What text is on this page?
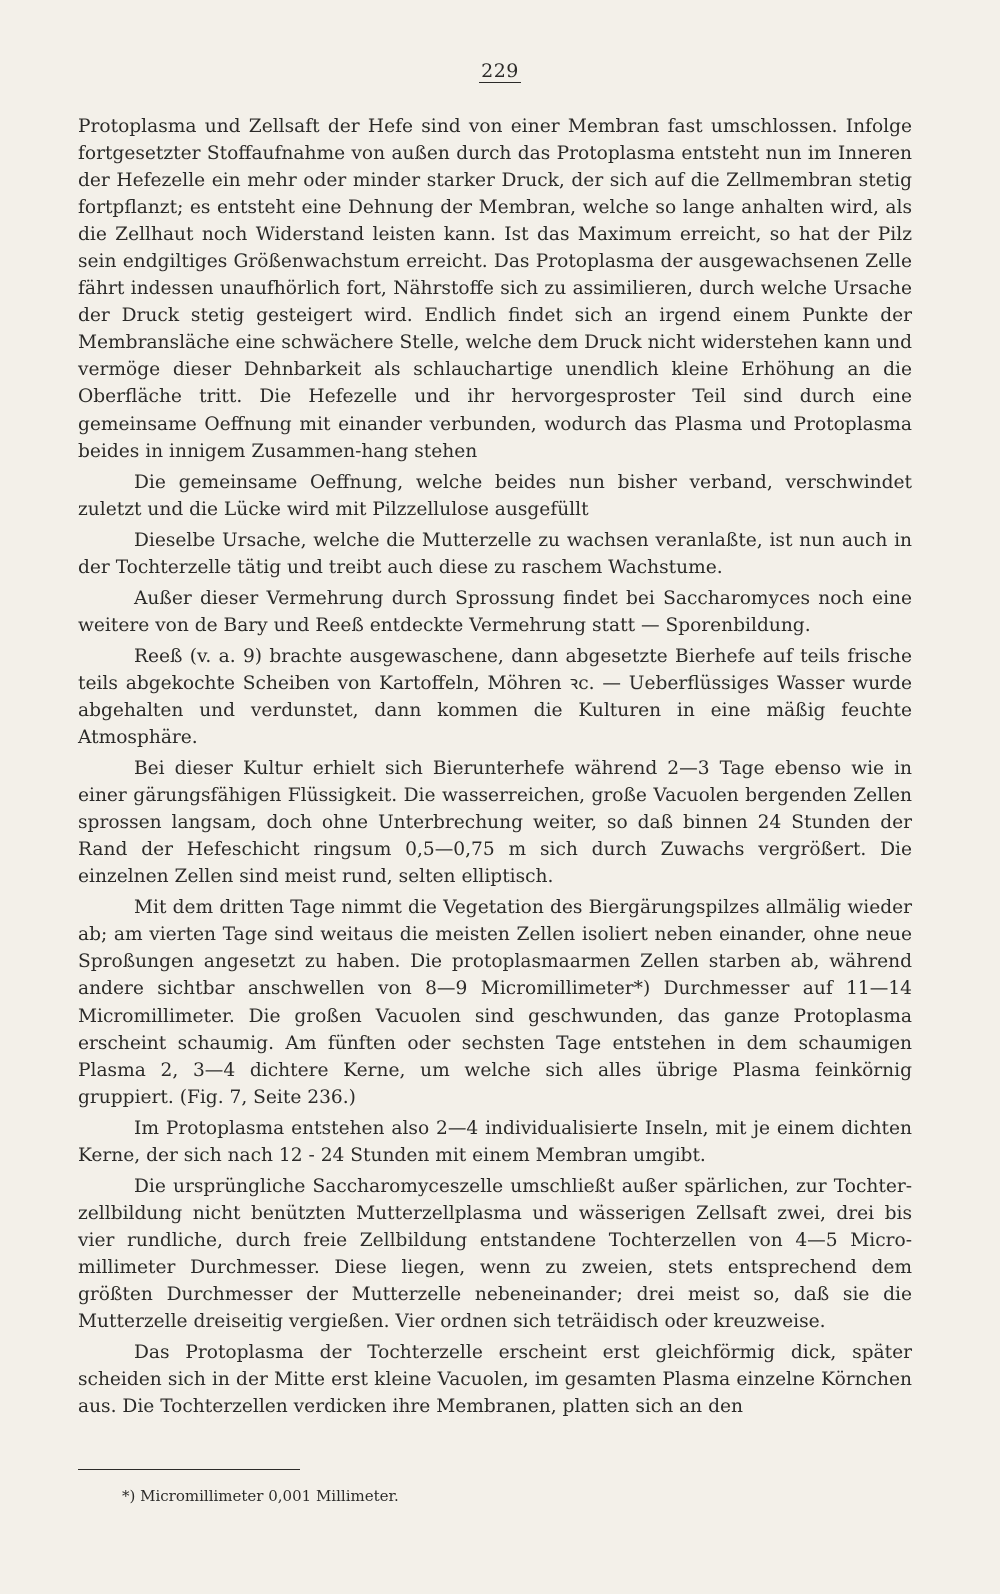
229

Protoplasma und Zellsaft der Hefe sind von einer Membran fast umschlossen. Infolge fortgesetzter Stoffaufnahme von außen durch das Protoplasma entsteht nun im Inneren der Hefezelle ein mehr oder minder starker Druck, der sich auf die Zellmembran stetig fortpflanzt; es entsteht eine Dehnung der Membran, welche so lange anhalten wird, als die Zellhaut noch Widerstand leisten kann. Ist das Maximum erreicht, so hat der Pilz sein endgiltiges Größenwachstum erreicht. Das Protoplasma der ausgewachsenen Zelle fährt indessen unaufhörlich fort, Nährstoffe sich zu assimilieren, durch welche Ursache der Druck stetig gesteigert wird. Endlich findet sich an irgend einem Punkte der Membransläche eine schwächere Stelle, welche dem Druck nicht widerstehen kann und vermöge dieser Dehnbarkeit als schlauchartige unendlich kleine Erhöhung an die Oberfläche tritt. Die Hefezelle und ihr hervorgesproster Teil sind durch eine gemeinsame Oeffnung mit einander verbunden, wodurch das Plasma und Protoplasma beides in innigem Zusammen-hang stehen

Die gemeinsame Oeffnung, welche beides nun bisher verband, verschwindet zuletzt und die Lücke wird mit Pilzzellulose ausgefüllt

Dieselbe Ursache, welche die Mutterzelle zu wachsen veranlaßte, ist nun auch in der Tochterzelle tätig und treibt auch diese zu raschem Wachstume.

Außer dieser Vermehrung durch Sprossung findet bei Saccharomyces noch eine weitere von de Bary und Reeß entdeckte Vermehrung statt — Sporenbildung.

Reeß (v. a. 9) brachte ausgewaschene, dann abgesetzte Bierhefe auf teils frische teils abgekochte Scheiben von Kartoffeln, Möhren ꝛc. — Ueberflüssiges Wasser wurde abgehalten und verdunstet, dann kommen die Kulturen in eine mäßig feuchte Atmosphäre.

Bei dieser Kultur erhielt sich Bierunterhefe während 2—3 Tage ebenso wie in einer gärungsfähigen Flüssigkeit. Die wasserreichen, große Vacuolen bergenden Zellen sprossen langsam, doch ohne Unterbrechung weiter, so daß binnen 24 Stunden der Rand der Hefeschicht ringsum 0,5—0,75 m sich durch Zuwachs vergrößert. Die einzelnen Zellen sind meist rund, selten elliptisch.

Mit dem dritten Tage nimmt die Vegetation des Biergärungspilzes allmälig wieder ab; am vierten Tage sind weitaus die meisten Zellen isoliert neben einander, ohne neue Sproßungen angesetzt zu haben. Die protoplasmaarmen Zellen starben ab, während andere sichtbar anschwellen von 8—9 Micromillimeter*) Durchmesser auf 11—14 Micromillimeter. Die großen Vacuolen sind geschwunden, das ganze Protoplasma erscheint schaumig. Am fünften oder sechsten Tage entstehen in dem schaumigen Plasma 2, 3—4 dichtere Kerne, um welche sich alles übrige Plasma feinkörnig gruppiert. (Fig. 7, Seite 236.)

Im Protoplasma entstehen also 2—4 individualisierte Inseln, mit je einem dichten Kerne, der sich nach 12 - 24 Stunden mit einem Membran umgibt.

Die ursprüngliche Saccharomyceszelle umschließt außer spärlichen, zur Tochter-zellbildung nicht benützten Mutterzellplasma und wässerigen Zellsaft zwei, drei bis vier rundliche, durch freie Zellbildung entstandene Tochterzellen von 4—5 Micro-millimeter Durchmesser. Diese liegen, wenn zu zweien, stets entsprechend dem größten Durchmesser der Mutterzelle nebeneinander; drei meist so, daß sie die Mutterzelle dreiseitig vergießen. Vier ordnen sich teträidisch oder kreuzweise.

Das Protoplasma der Tochterzelle erscheint erst gleichförmig dick, später scheiden sich in der Mitte erst kleine Vacuolen, im gesamten Plasma einzelne Körnchen aus. Die Tochterzellen verdicken ihre Membranen, platten sich an den

*) Micromillimeter 0,001 Millimeter.
